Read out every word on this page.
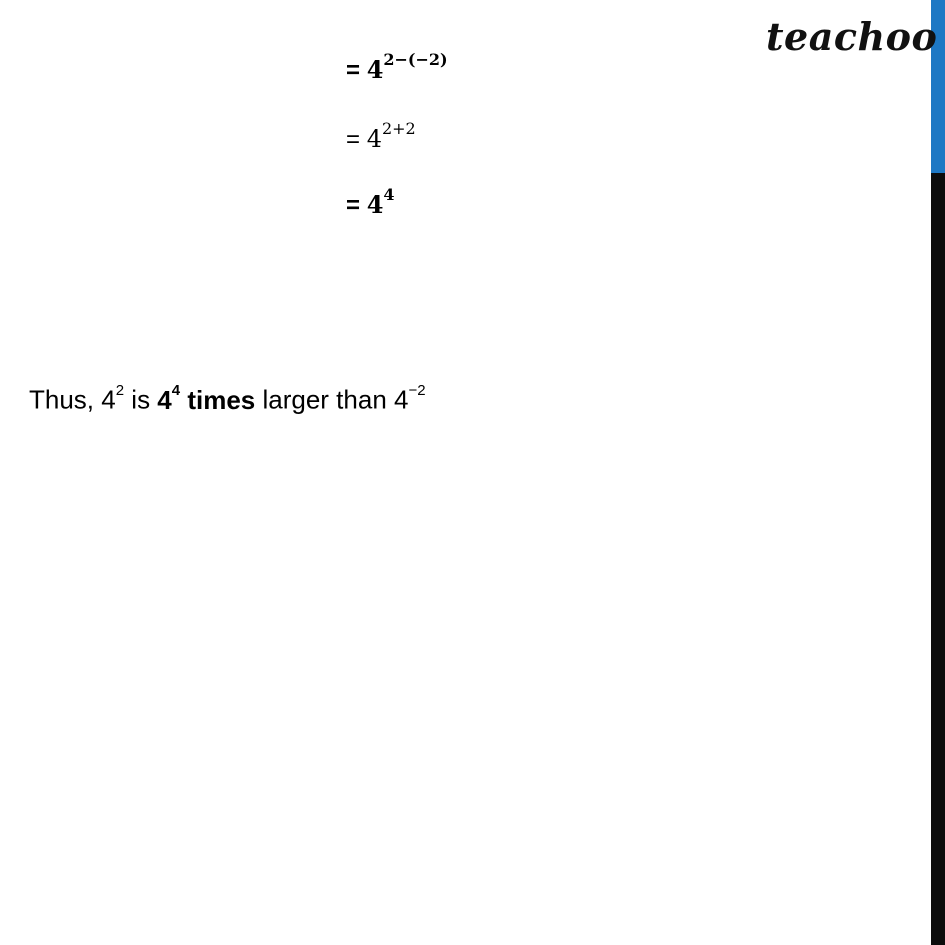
teachoo
= $4^{2-(-2)}$
= $4^{2+2}$
= $4^4$
Thus, $4^2$ is $4^4$ times larger than $4^{-2}$
